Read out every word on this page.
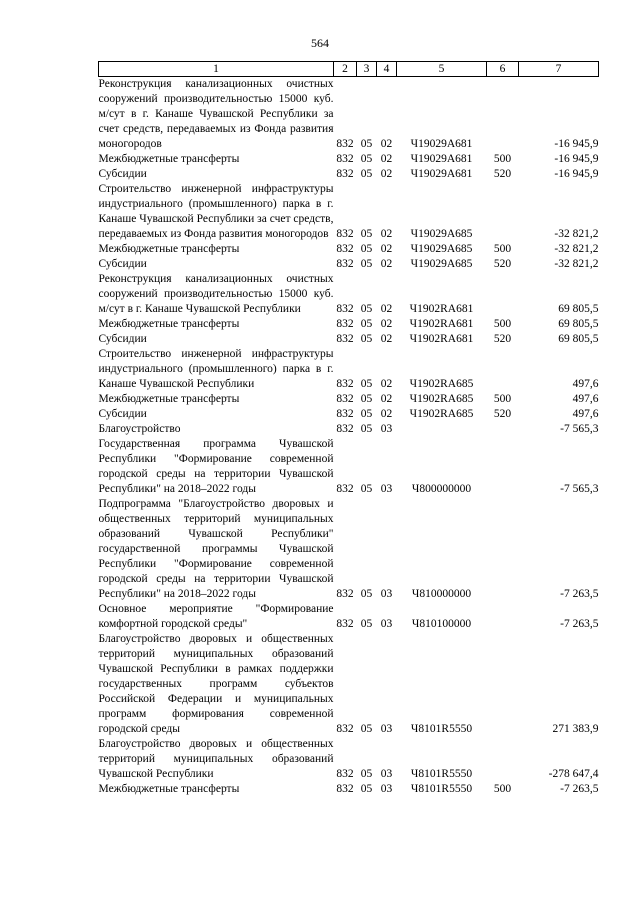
564
1	2	3	4	5	6	7
Реконструкция канализационных очистных сооружений производительностью 15000 куб. м/сут в г. Канаше Чувашской Республики за счет средств, передаваемых из Фонда развития моногородов	832	05	02	Ч19029А681		-16 945,9
Межбюджетные трансферты	832	05	02	Ч19029А681	500	-16 945,9
Субсидии	832	05	02	Ч19029А681	520	-16 945,9
Строительство инженерной инфраструктуры индустриального (промышленного) парка в г. Канаше Чувашской Республики за счет средств, передаваемых из Фонда развития моногородов	832	05	02	Ч19029А685		-32 821,2
Межбюджетные трансферты	832	05	02	Ч19029А685	500	-32 821,2
Субсидии	832	05	02	Ч19029А685	520	-32 821,2
Реконструкция канализационных очистных сооружений производительностью 15000 куб. м/сут в г. Канаше Чувашской Республики	832	05	02	Ч1902RA681		69 805,5
Межбюджетные трансферты	832	05	02	Ч1902RA681	500	69 805,5
Субсидии	832	05	02	Ч1902RA681	520	69 805,5
Строительство инженерной инфраструктуры индустриального (промышленного) парка в г. Канаше Чувашской Республики	832	05	02	Ч1902RA685		497,6
Межбюджетные трансферты	832	05	02	Ч1902RA685	500	497,6
Субсидии	832	05	02	Ч1902RA685	520	497,6
Благоустройство	832	05	03			-7 565,3
Государственная программа Чувашской Республики "Формирование современной городской среды на территории Чувашской Республики" на 2018–2022 годы	832	05	03	Ч800000000		-7 565,3
Подпрограмма "Благоустройство дворовых и общественных территорий муниципальных образований Чувашской Республики" государственной программы Чувашской Республики "Формирование современной городской среды на территории Чувашской Республики" на 2018–2022 годы	832	05	03	Ч810000000		-7 263,5
Основное мероприятие "Формирование комфортной городской среды"	832	05	03	Ч810100000		-7 263,5
Благоустройство дворовых и общественных территорий муниципальных образований Чувашской Республики в рамках поддержки государственных программ субъектов Российской Федерации и муниципальных программ формирования современной городской среды	832	05	03	Ч8101R5550		271 383,9
Благоустройство дворовых и общественных территорий муниципальных образований Чувашской Республики	832	05	03	Ч8101R5550		-278 647,4
Межбюджетные трансферты	832	05	03	Ч8101R5550	500	-7 263,5
